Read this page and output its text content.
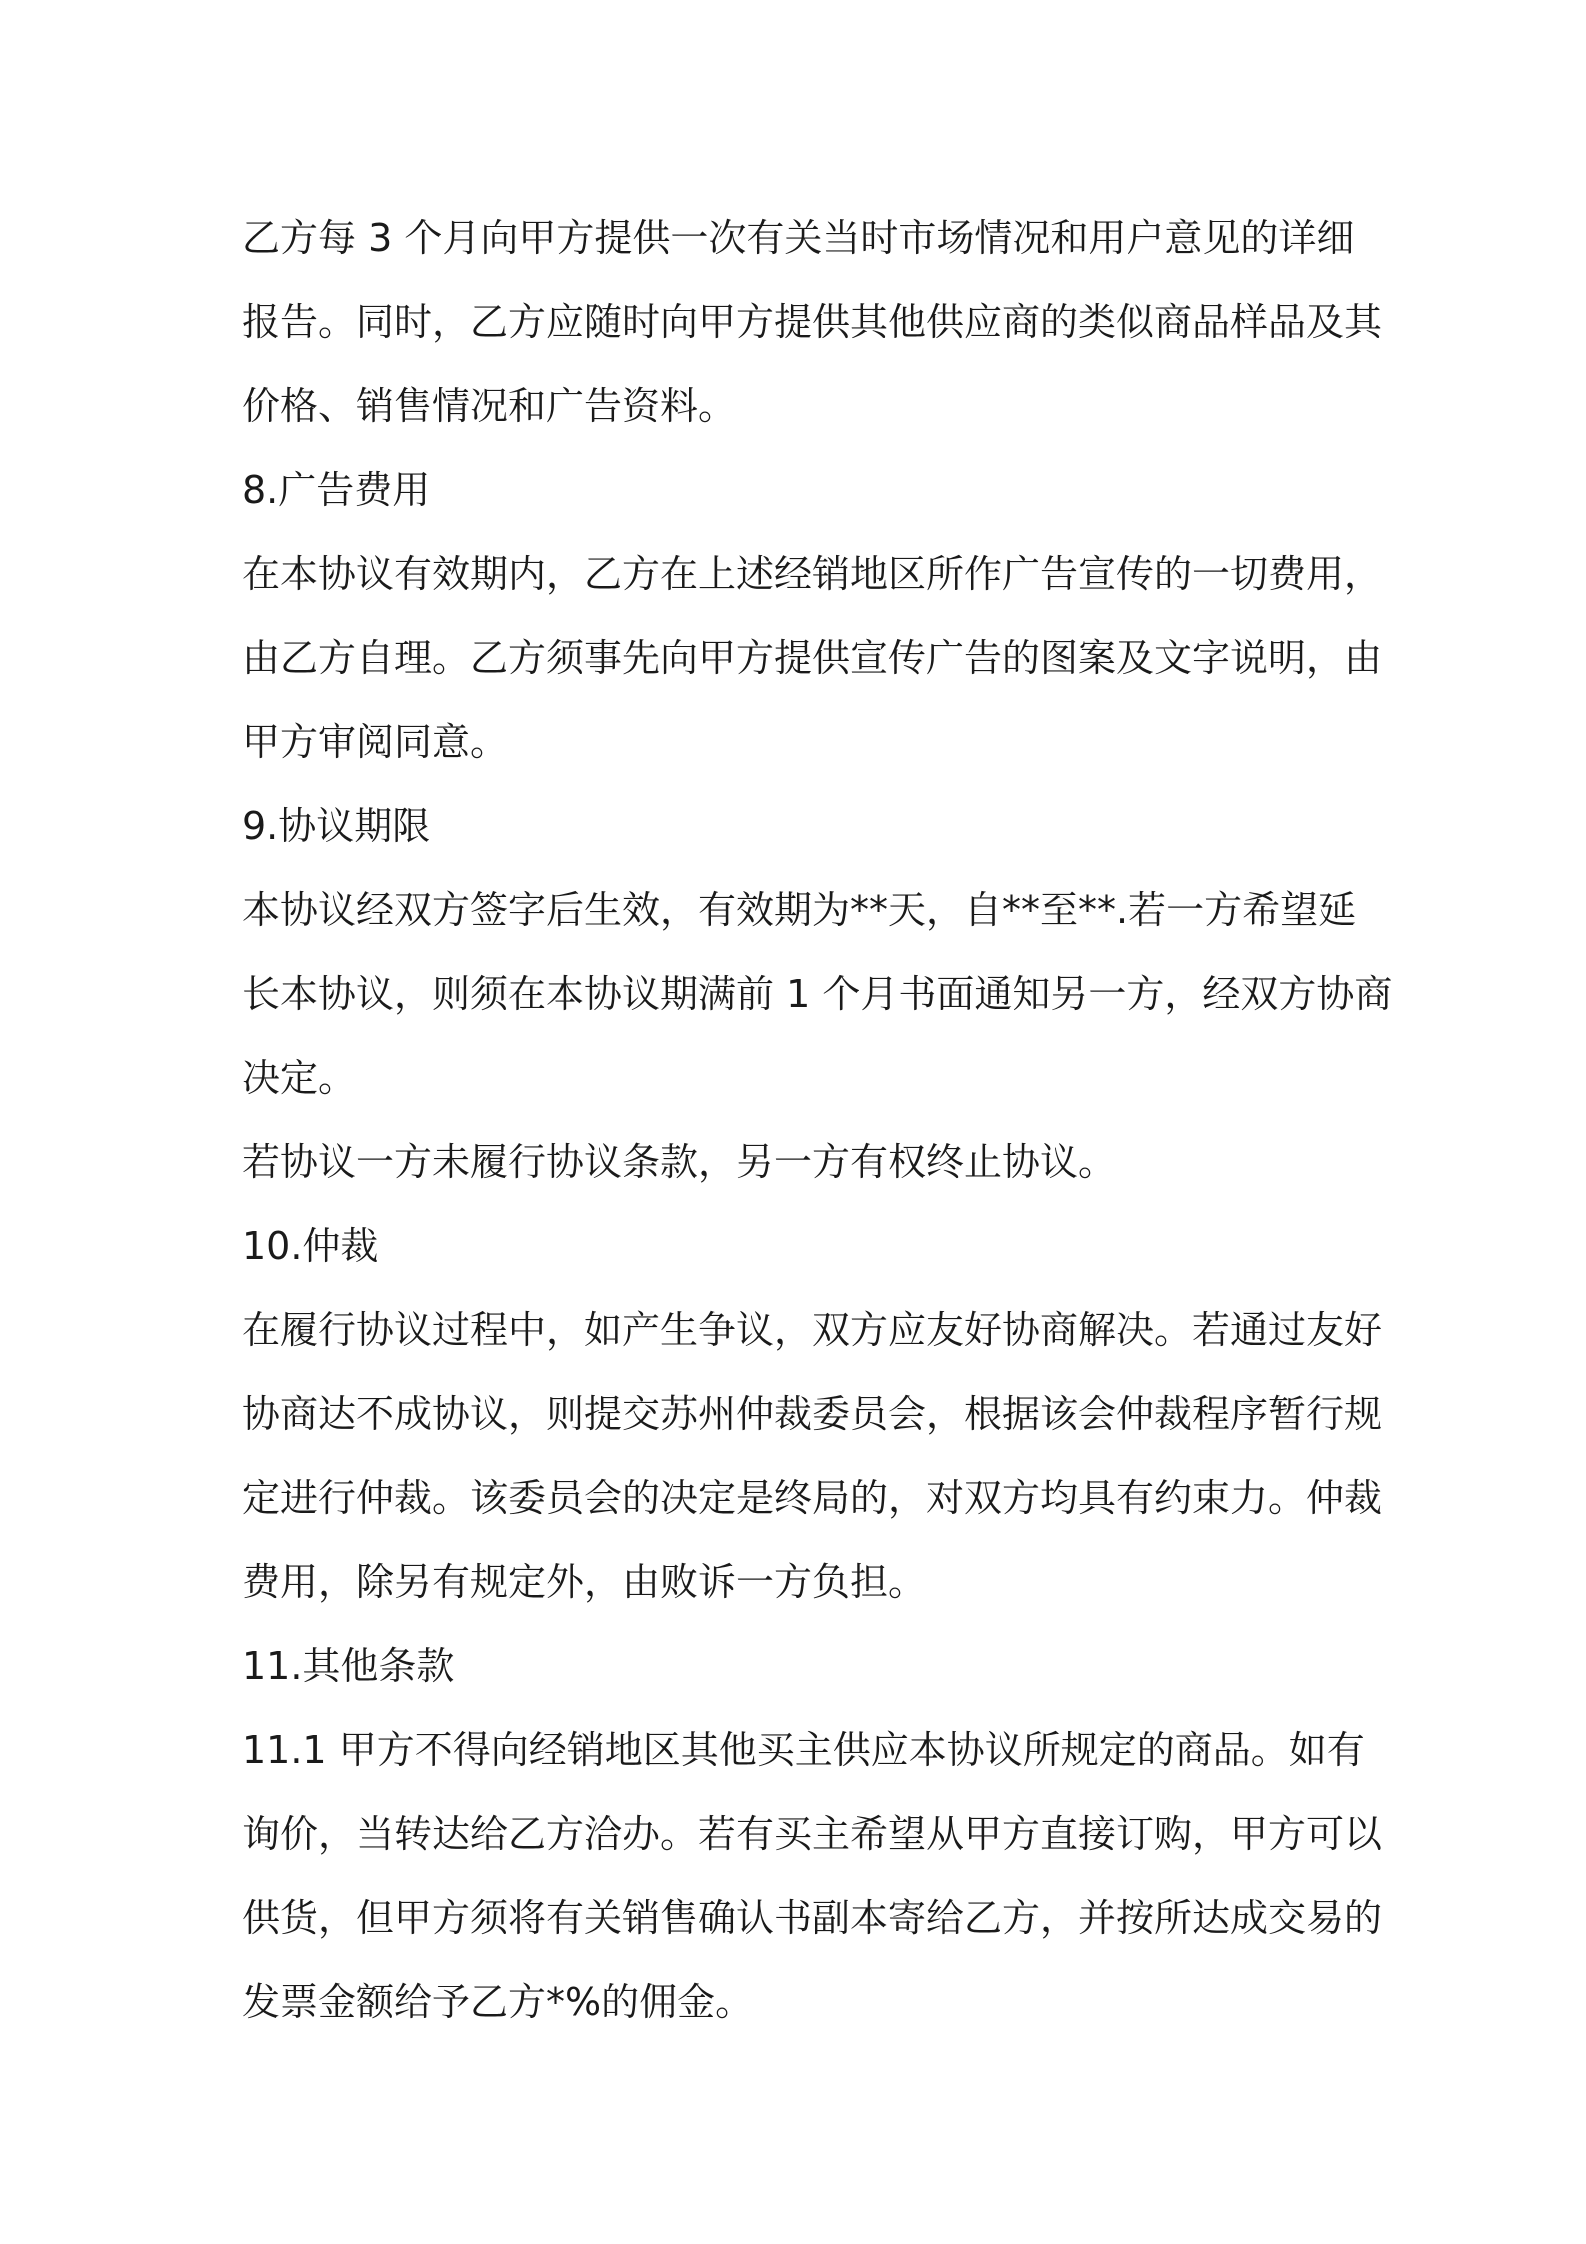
乙方每 3 个月向甲方提供一次有关当时市场情况和用户意见的详细
报告。同时，乙方应随时向甲方提供其他供应商的类似商品样品及其
价格、销售情况和广告资料。
8.广告费用
在本协议有效期内，乙方在上述经销地区所作广告宣传的一切费用，
由乙方自理。乙方须事先向甲方提供宣传广告的图案及文字说明，由
甲方审阅同意。
9.协议期限
本协议经双方签字后生效，有效期为**天，自**至**.若一方希望延
长本协议，则须在本协议期满前 1 个月书面通知另一方，经双方协商
决定。
若协议一方未履行协议条款，另一方有权终止协议。
10.仲裁
在履行协议过程中，如产生争议，双方应友好协商解决。若通过友好
协商达不成协议，则提交苏州仲裁委员会，根据该会仲裁程序暂行规
定进行仲裁。该委员会的决定是终局的，对双方均具有约束力。仲裁
费用，除另有规定外，由败诉一方负担。
11.其他条款
11.1 甲方不得向经销地区其他买主供应本协议所规定的商品。如有
询价，当转达给乙方洽办。若有买主希望从甲方直接订购，甲方可以
供货，但甲方须将有关销售确认书副本寄给乙方，并按所达成交易的
发票金额给予乙方*%的佣金。
